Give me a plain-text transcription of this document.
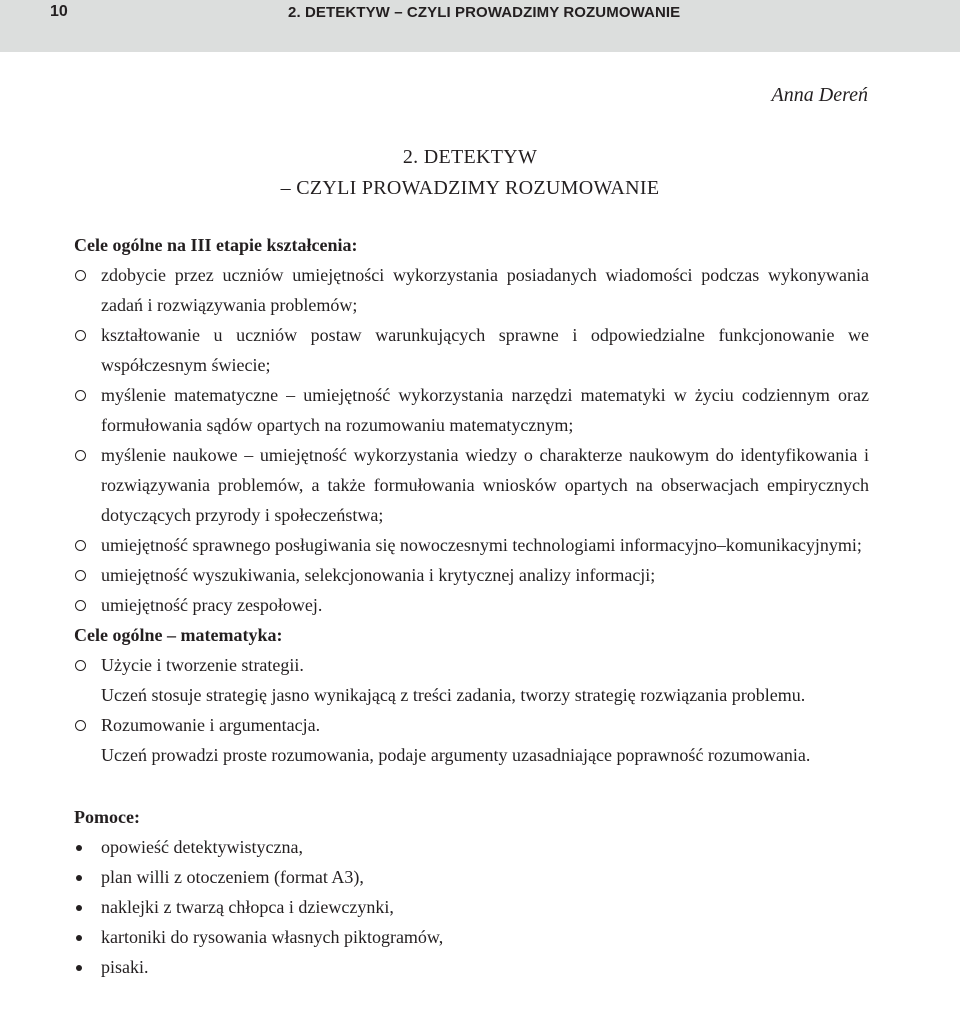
10	2. DETEKTYW – CZYLI PROWADZIMY ROZUMOWANIE
Anna Dereń
2. DETEKTYW
– CZYLI PROWADZIMY ROZUMOWANIE
Cele ogólne na III etapie kształcenia:
zdobycie przez uczniów umiejętności wykorzystania posiadanych wiadomości podczas wykonywania zadań i rozwiązywania problemów;
kształtowanie u uczniów postaw warunkujących sprawne i odpowiedzialne funkcjonowanie we współczesnym świecie;
myślenie matematyczne – umiejętność wykorzystania narzędzi matematyki w życiu codziennym oraz formułowania sądów opartych na rozumowaniu matematycznym;
myślenie naukowe – umiejętność wykorzystania wiedzy o charakterze naukowym do identyfikowania i rozwiązywania problemów, a także formułowania wniosków opartych na obserwacjach empirycznych dotyczących przyrody i społeczeństwa;
umiejętność sprawnego posługiwania się nowoczesnymi technologiami informacyjno–komunikacyjnymi;
umiejętność wyszukiwania, selekcjonowania i krytycznej analizy informacji;
umiejętność pracy zespołowej.
Cele ogólne – matematyka:
Użycie i tworzenie strategii.
Uczeń stosuje strategię jasno wynikającą z treści zadania, tworzy strategię rozwiązania problemu.
Rozumowanie i argumentacja.
Uczeń prowadzi proste rozumowania, podaje argumenty uzasadniające poprawność rozumowania.
Pomoce:
opowieść detektywistyczna,
plan willi z otoczeniem (format A3),
naklejki z twarzą chłopca i dziewczynki,
kartoniki do rysowania własnych piktogramów,
pisaki.
